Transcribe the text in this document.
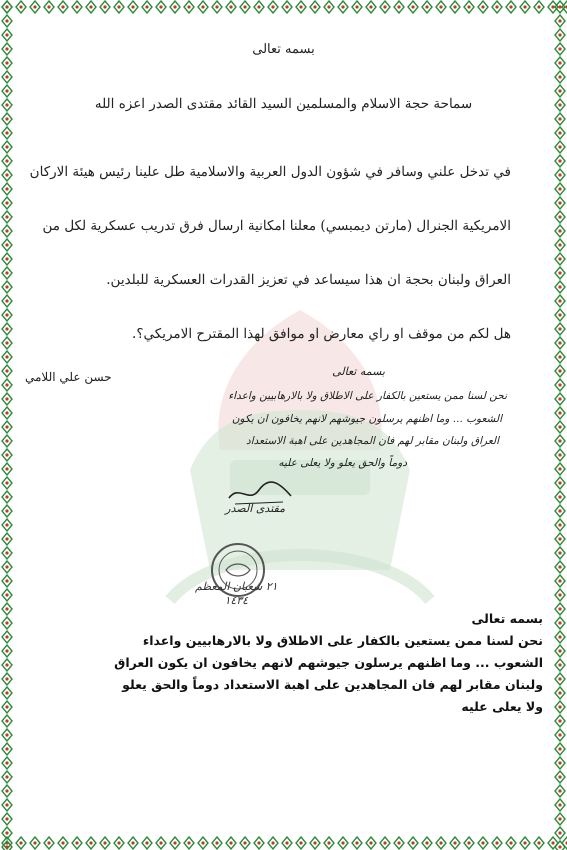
بسمه تعالى
سماحة حجة الاسلام والمسلمين السيد القائد مقتدى الصدر اعزه الله
في تدخل علني وسافر في شؤون الدول العربية والاسلامية طل علينا رئيس هيئة الاركان
الامريكية الجنرال (مارتن ديمبسي) معلنا امكانية ارسال فرق تدريب عسكرية لكل من
العراق ولبنان بحجة ان هذا سيساعد في تعزيز القدرات العسكرية للبلدين.
هل لكم من موقف او راي معارض او موافق لهذا المقترح الامريكي؟.
حسن علي اللامي	بسمه تعالى
نحن لسنا ممن يستعين بالكفار على الاطلاق ولا بالارهابيين واعداء
الشعوب ... وما اظنهم يرسلون جيوشهم لانهم يخافون ان يكون
العراق ولبنان مقابر لهم فان المجاهدين على اهبة الاستعداد
دوماً والحق يعلو ولا يعلى عليه
مقتدى الصدر
٢١ شعبان المعظم
١٤٣٤
بسمه تعالى
نحن لسنا ممن يستعين بالكفار على الاطلاق ولا بالارهابيين واعداء
الشعوب ... وما اظنهم يرسلون جيوشهم لانهم يخافون ان يكون العراق
ولبنان مقابر لهم فان المجاهدين على اهبة الاستعداد دوماً والحق يعلو
ولا يعلى عليه
